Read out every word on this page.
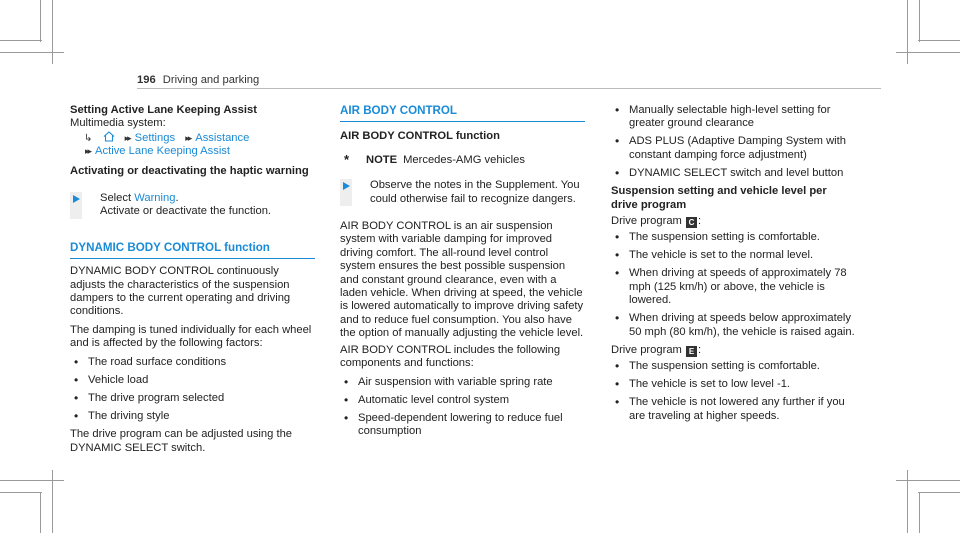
196 Driving and parking

Setting Active Lane Keeping Assist

Multimedia system:

↳	▸▸ Settings ▸▸ Assistance
▸▸ Active Lane Keeping Assist

Activating or deactivating the haptic warning

Select Warning.
Activate or deactivate the function.

DYNAMIC BODY CONTROL function

DYNAMIC BODY CONTROL continuously adjusts the characteristics of the suspension dampers to the current operating and driving conditions.

The damping is tuned individually for each wheel and is affected by the following factors:

• The road surface conditions
• Vehicle load
• The drive program selected
• The driving style

The drive program can be adjusted using the DYNAMIC SELECT switch.

AIR BODY CONTROL

AIR BODY CONTROL function

* NOTE Mercedes-AMG vehicles
Observe the notes in the Supplement. You could otherwise fail to recognize dangers.

AIR BODY CONTROL is an air suspension system with variable damping for improved driving comfort. The all-round level control system ensures the best possible suspension and constant ground clearance, even with a laden vehicle. When driving at speed, the vehicle is lowered automatically to improve driving safety and to reduce fuel consumption. You also have the option of manually adjusting the vehicle level.

AIR BODY CONTROL includes the following components and functions:

• Air suspension with variable spring rate
• Automatic level control system
• Speed-dependent lowering to reduce fuel consumption
• Manually selectable high-level setting for greater ground clearance
• ADS PLUS (Adaptive Damping System with constant damping force adjustment)
• DYNAMIC SELECT switch and level button

Suspension setting and vehicle level per drive program

Drive program C :

• The suspension setting is comfortable.
• The vehicle is set to the normal level.
• When driving at speeds of approximately 78 mph (125 km/h) or above, the vehicle is lowered.
• When driving at speeds below approximately 50 mph (80 km/h), the vehicle is raised again.

Drive program E :

• The suspension setting is comfortable.
• The vehicle is set to low level -1.
• The vehicle is not lowered any further if you are traveling at higher speeds.
